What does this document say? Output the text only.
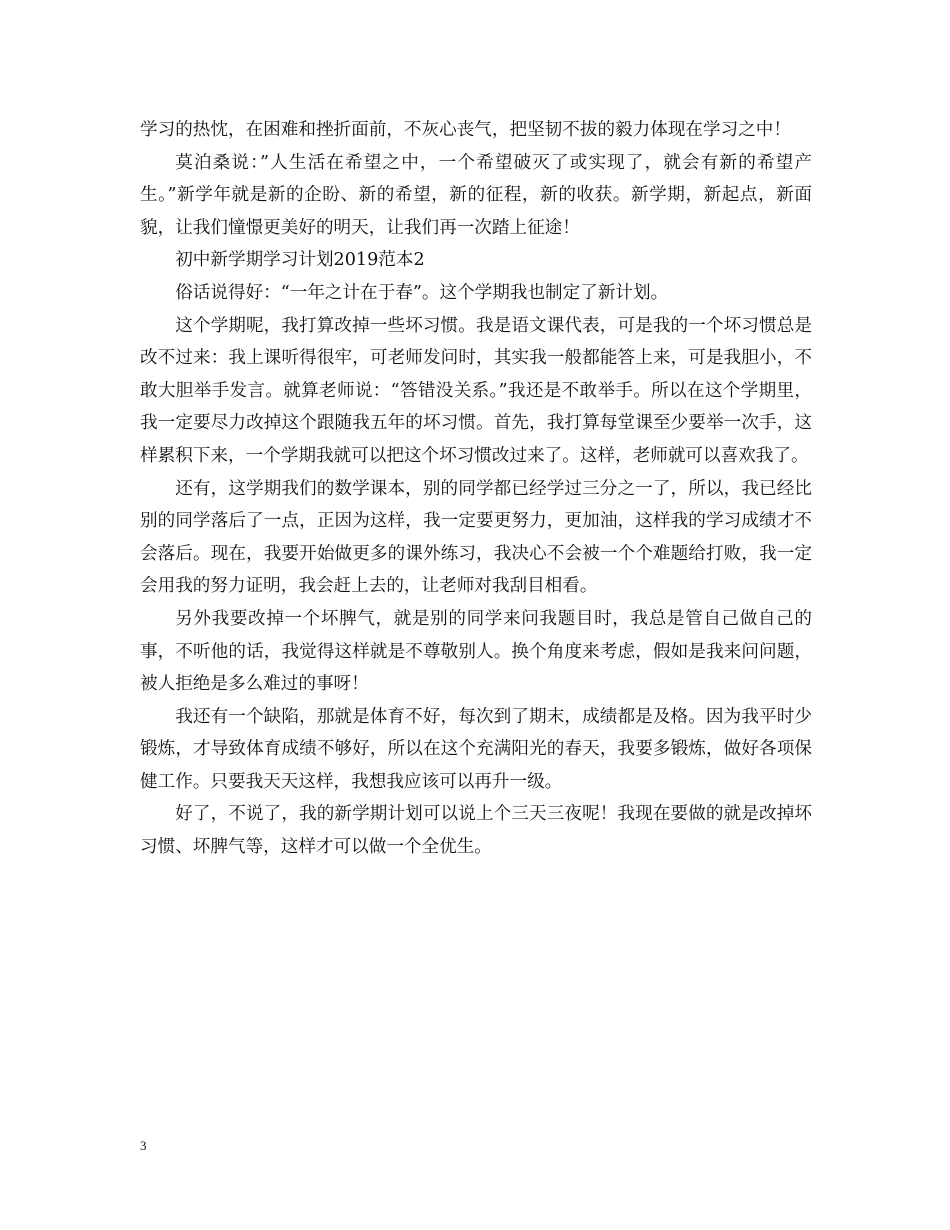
学习的热忱，在困难和挫折面前，不灰心丧气，把坚韧不拔的毅力体现在学习之中！

莫泊桑说：”人生活在希望之中，一个希望破灭了或实现了，就会有新的希望产生。”新学年就是新的企盼、新的希望，新的征程，新的收获。新学期，新起点，新面貌，让我们憧憬更美好的明天，让我们再一次踏上征途！

初中新学期学习计划2019范本2

俗话说得好：“一年之计在于春”。这个学期我也制定了新计划。

这个学期呢，我打算改掉一些坏习惯。我是语文课代表，可是我的一个坏习惯总是改不过来：我上课听得很牢，可老师发问时，其实我一般都能答上来，可是我胆小，不敢大胆举手发言。就算老师说：“答错没关系。”我还是不敢举手。所以在这个学期里，我一定要尽力改掉这个跟随我五年的坏习惯。首先，我打算每堂课至少要举一次手，这样累积下来，一个学期我就可以把这个坏习惯改过来了。这样，老师就可以喜欢我了。

还有，这学期我们的数学课本，别的同学都已经学过三分之一了，所以，我已经比别的同学落后了一点，正因为这样，我一定要更努力，更加油，这样我的学习成绩才不会落后。现在，我要开始做更多的课外练习，我决心不会被一个个难题给打败，我一定会用我的努力证明，我会赶上去的，让老师对我刮目相看。

另外我要改掉一个坏脾气，就是别的同学来问我题目时，我总是管自己做自己的事，不听他的话，我觉得这样就是不尊敬别人。换个角度来考虑，假如是我来问问题，被人拒绝是多么难过的事呀！

我还有一个缺陷，那就是体育不好，每次到了期末，成绩都是及格。因为我平时少锻炼，才导致体育成绩不够好，所以在这个充满阳光的春天，我要多锻炼，做好各项保健工作。只要我天天这样，我想我应该可以再升一级。

好了，不说了，我的新学期计划可以说上个三天三夜呢！我现在要做的就是改掉坏习惯、坏脾气等，这样才可以做一个全优生。

3
